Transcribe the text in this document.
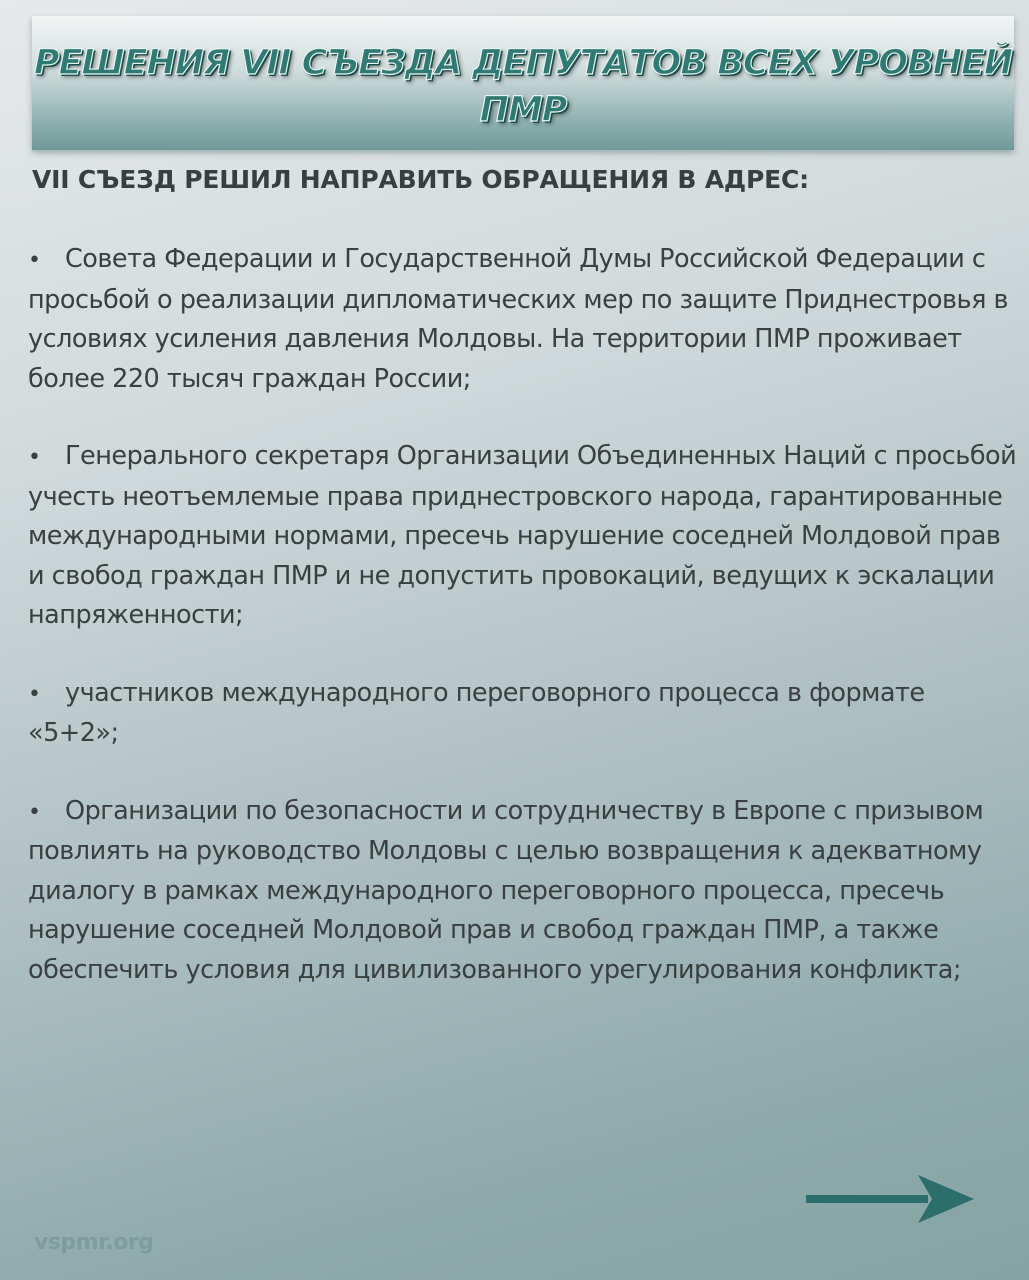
РЕШЕНИЯ VII СЪЕЗДА ДЕПУТАТОВ ВСЕХ УРОВНЕЙ ПМР
VII СЪЕЗД РЕШИЛ НАПРАВИТЬ ОБРАЩЕНИЯ В АДРЕС:
• Совета Федерации и Государственной Думы Российской Федерации с просьбой о реализации дипломатических мер по защите Приднестровья в условиях усиления давления Молдовы. На территории ПМР проживает более 220 тысяч граждан России;
• Генерального секретаря Организации Объединенных Наций с просьбой учесть неотъемлемые права приднестровского народа, гарантированные международными нормами, пресечь нарушение соседней Молдовой прав и свобод граждан ПМР и не допустить провокаций, ведущих к эскалации напряженности;
• участников международного переговорного процесса в формате «5+2»;
• Организации по безопасности и сотрудничеству в Европе с призывом повлиять на руководство Молдовы с целью возвращения к адекватному диалогу в рамках международного переговорного процесса, пресечь нарушение соседней Молдовой прав и свобод граждан ПМР, а также обеспечить условия для цивилизованного урегулирования конфликта;
vspmr.org
